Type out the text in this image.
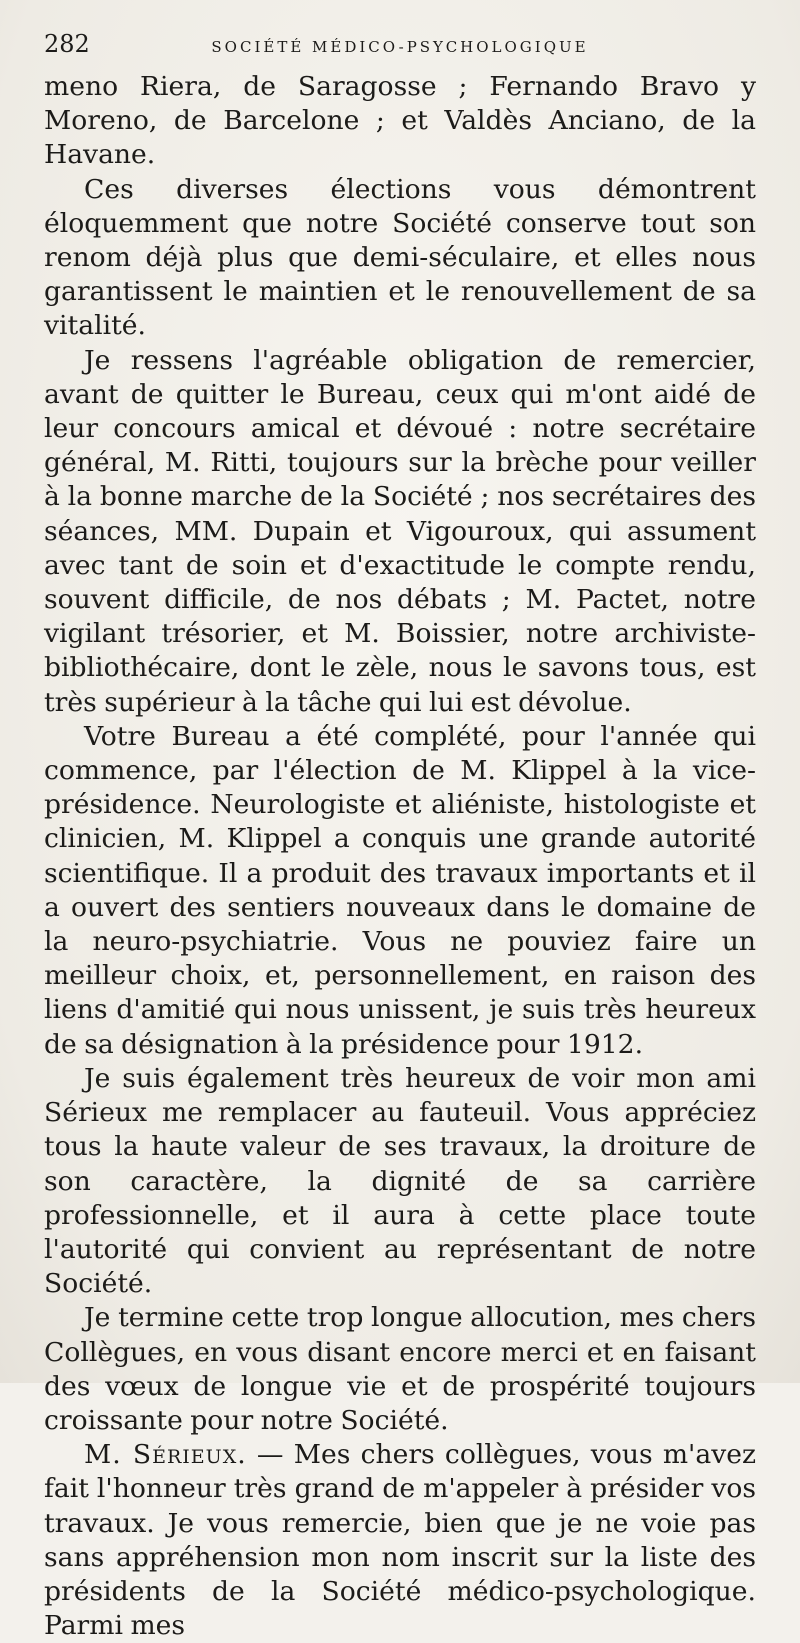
282	SOCIÉTÉ MÉDICO-PSYCHOLOGIQUE

meno Riera, de Saragosse ; Fernando Bravo y Moreno, de Barcelone ; et Valdès Anciano, de la Havane.

Ces diverses élections vous démontrent éloquemment que notre Société conserve tout son renom déjà plus que demi-séculaire, et elles nous garantissent le maintien et le renouvellement de sa vitalité.

Je ressens l'agréable obligation de remercier, avant de quitter le Bureau, ceux qui m'ont aidé de leur concours amical et dévoué : notre secrétaire général, M. Ritti, toujours sur la brèche pour veiller à la bonne marche de la Société ; nos secrétaires des séances, MM. Dupain et Vigouroux, qui assument avec tant de soin et d'exactitude le compte rendu, souvent difficile, de nos débats ; M. Pactet, notre vigilant trésorier, et M. Boissier, notre archiviste-bibliothécaire, dont le zèle, nous le savons tous, est très supérieur à la tâche qui lui est dévolue.

Votre Bureau a été complété, pour l'année qui commence, par l'élection de M. Klippel à la vice-présidence. Neurologiste et aliéniste, histologiste et clinicien, M. Klippel a conquis une grande autorité scientifique. Il a produit des travaux importants et il a ouvert des sentiers nouveaux dans le domaine de la neuro-psychiatrie. Vous ne pouviez faire un meilleur choix, et, personnellement, en raison des liens d'amitié qui nous unissent, je suis très heureux de sa désignation à la présidence pour 1912.

Je suis également très heureux de voir mon ami Sérieux me remplacer au fauteuil. Vous appréciez tous la haute valeur de ses travaux, la droiture de son caractère, la dignité de sa carrière professionnelle, et il aura à cette place toute l'autorité qui convient au représentant de notre Société.

Je termine cette trop longue allocution, mes chers Collègues, en vous disant encore merci et en faisant des vœux de longue vie et de prospérité toujours croissante pour notre Société.

M. Sérieux. — Mes chers collègues, vous m'avez fait l'honneur très grand de m'appeler à présider vos travaux. Je vous remercie, bien que je ne voie pas sans appréhension mon nom inscrit sur la liste des présidents de la Société médico-psychologique. Parmi mes
